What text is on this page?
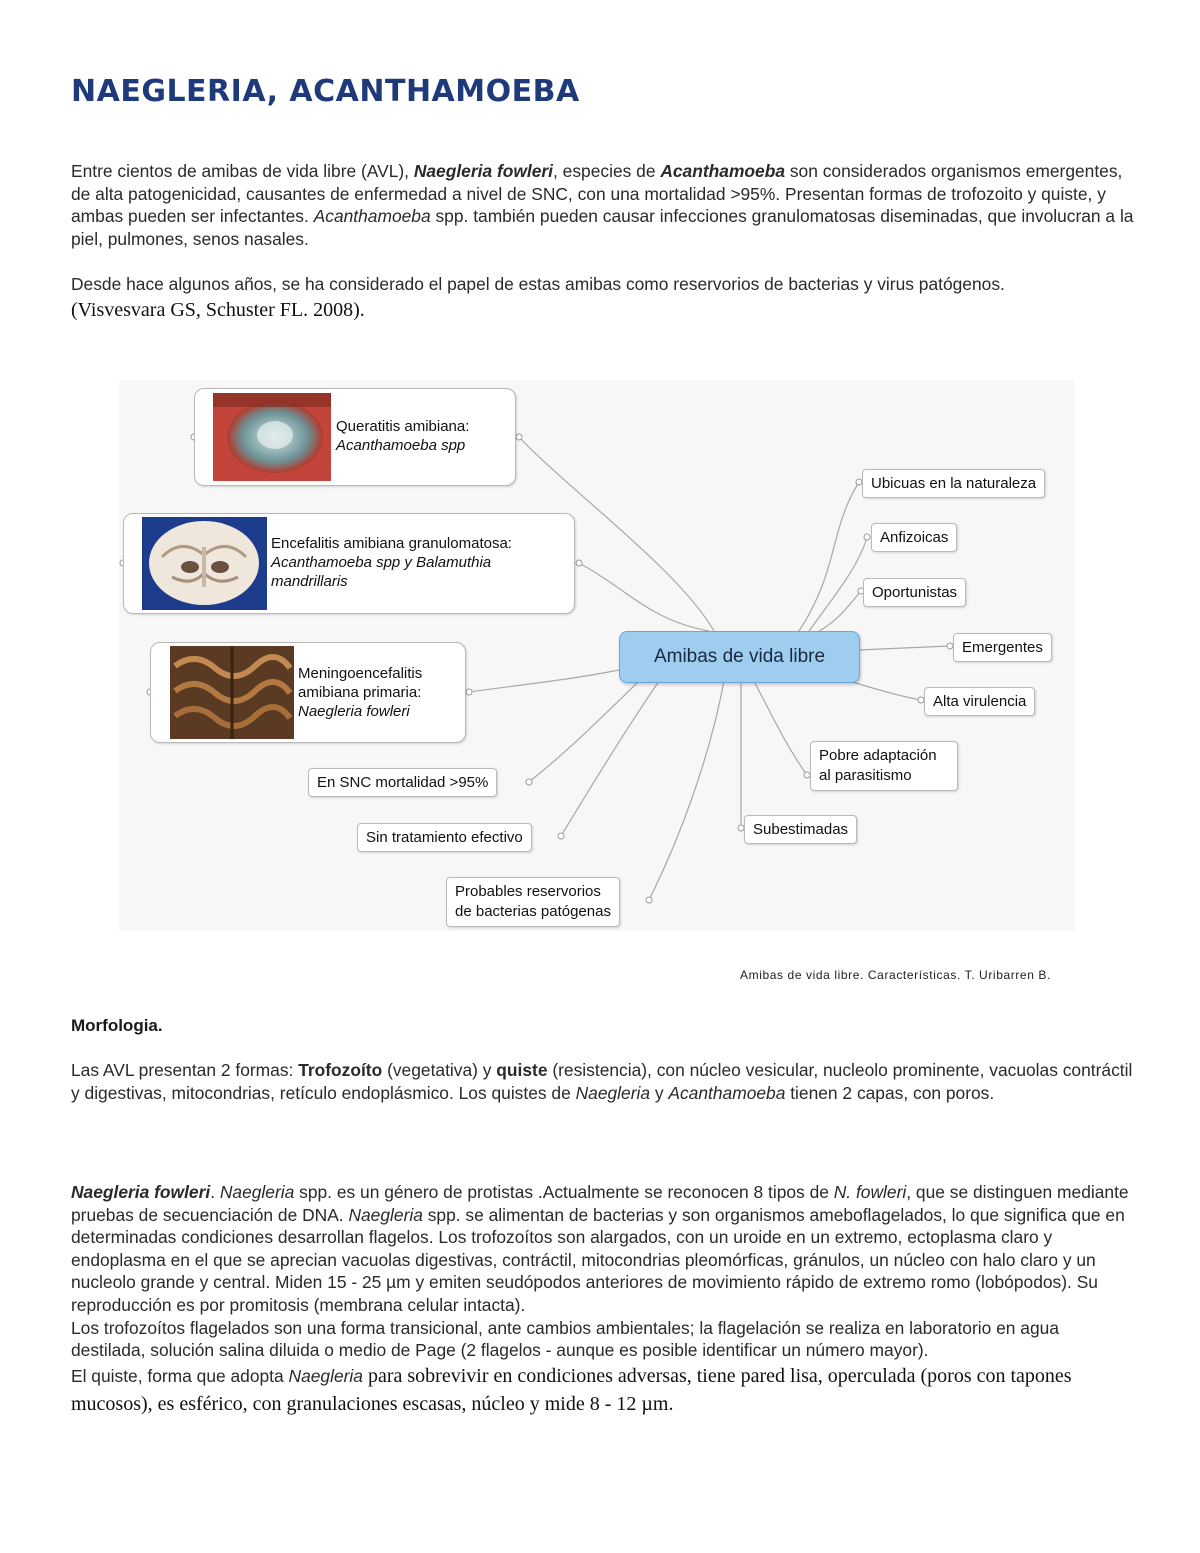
NAEGLERIA, ACANTHAMOEBA

Entre cientos de amibas de vida libre (AVL), Naegleria fowleri, especies de Acanthamoeba son considerados organismos emergentes, de alta patogenicidad, causantes de enfermedad a nivel de SNC, con una mortalidad >95%. Presentan formas de trofozoito y quiste, y ambas pueden ser infectantes. Acanthamoeba spp. también pueden causar infecciones granulomatosas diseminadas, que involucran a la piel, pulmones, senos nasales.

Desde hace algunos años, se ha considerado el papel de estas amibas como reservorios de bacterias y virus patógenos.
(Visvesvara GS, Schuster FL. 2008).

Queratitis amibiana:
Acanthamoeba spp
Encefalitis amibiana granulomatosa:
Acanthamoeba spp y Balamuthia
mandrillaris
Meningoencefalitis
amibiana primaria:
Naegleria fowleri
En SNC mortalidad >95%
Sin tratamiento efectivo
Probables reservorios
de bacterias patógenas
Amibas de vida libre
Ubicuas en la naturaleza
Anfizoicas
Oportunistas
Emergentes
Alta virulencia
Pobre adaptación
al parasitismo
Subestimadas
Amibas de vida libre. Características. T. Uribarren B.
Morfologia.

Las AVL presentan 2 formas: Trofozoíto (vegetativa) y quiste (resistencia), con núcleo vesicular, nucleolo prominente, vacuolas contráctil y digestivas, mitocondrias, retículo endoplásmico. Los quistes de Naegleria y Acanthamoeba tienen 2 capas, con poros.

Naegleria fowleri. Naegleria spp. es un género de protistas .Actualmente se reconocen 8 tipos de N. fowleri, que se distinguen mediante pruebas de secuenciación de DNA. Naegleria spp. se alimentan de bacterias y son organismos ameboflagelados, lo que significa que en determinadas condiciones desarrollan flagelos. Los trofozoítos son alargados, con un uroide en un extremo, ectoplasma claro y endoplasma en el que se aprecian vacuolas digestivas, contráctil, mitocondrias pleomórficas, gránulos, un núcleo con halo claro y un nucleolo grande y central. Miden 15 - 25 µm y emiten seudópodos anteriores de movimiento rápido de extremo romo (lobópodos). Su reproducción es por promitosis (membrana celular intacta).
Los trofozoítos flagelados son una forma transicional, ante cambios ambientales; la flagelación se realiza en laboratorio en agua destilada, solución salina diluida o medio de Page (2 flagelos - aunque es posible identificar un número mayor).
El quiste, forma que adopta Naegleria para sobrevivir en condiciones adversas, tiene pared lisa, operculada (poros con tapones mucosos), es esférico, con granulaciones escasas, núcleo y mide 8 - 12 µm.
